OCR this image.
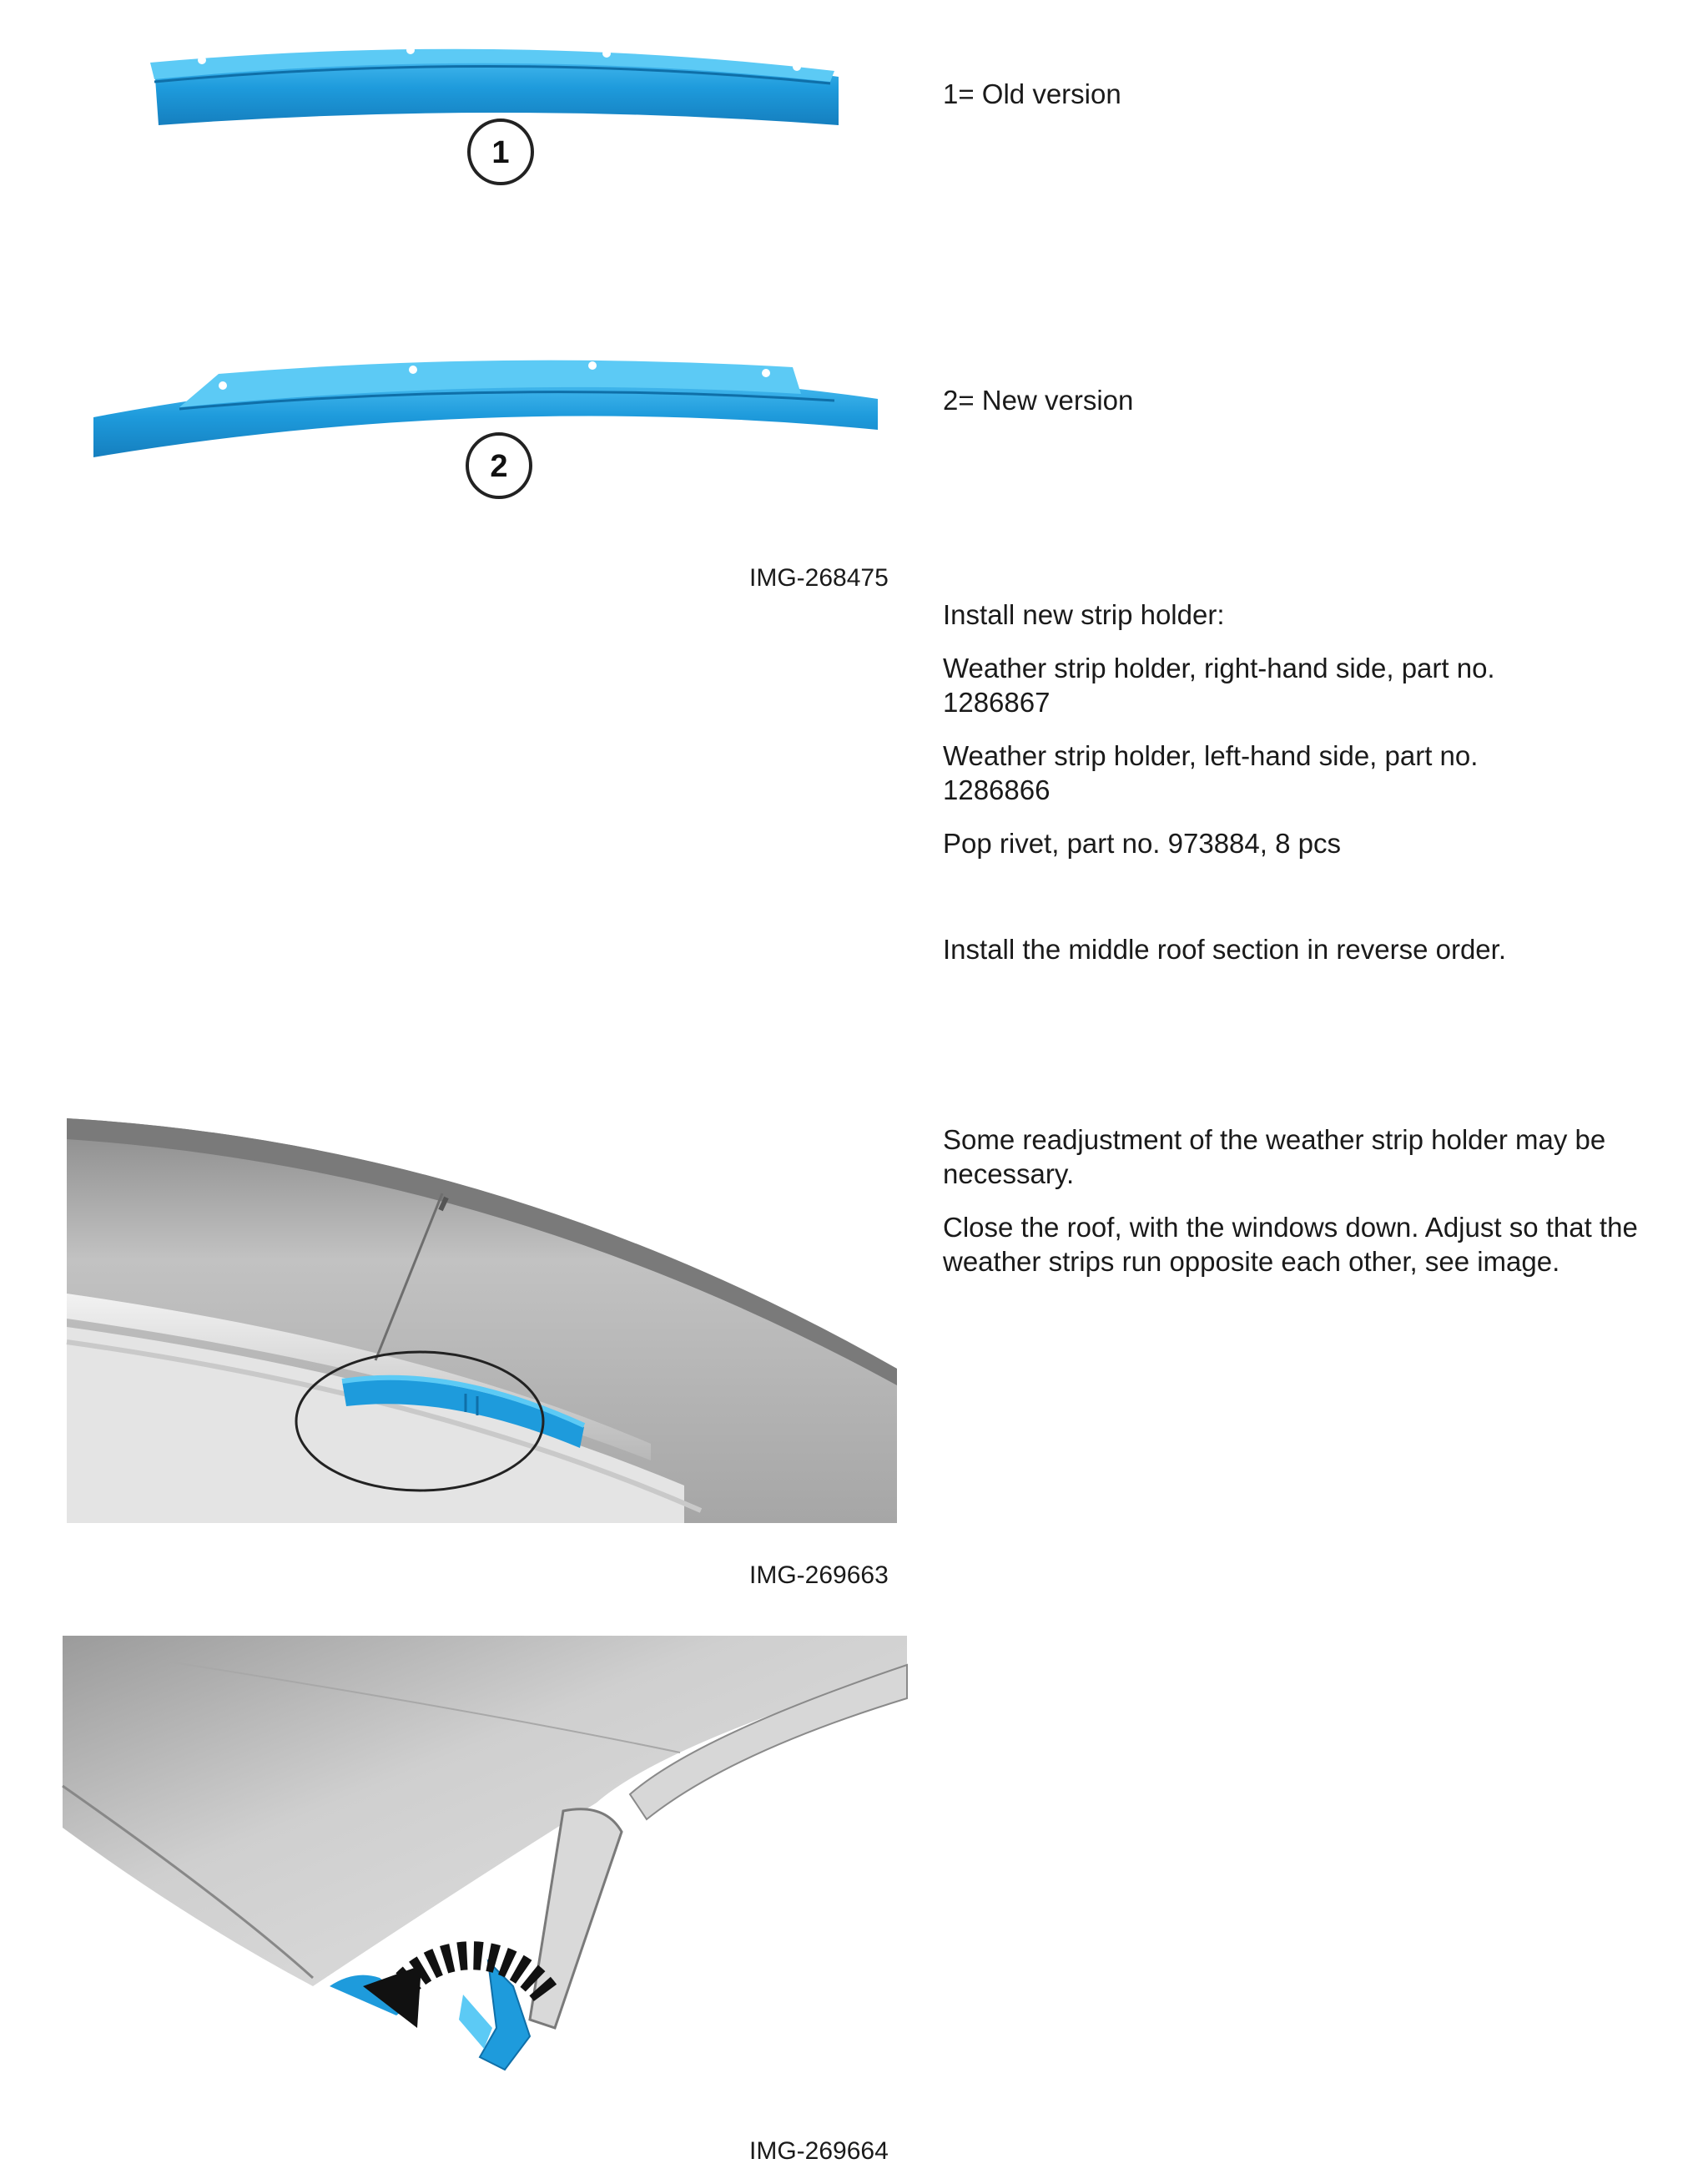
1
2
IMG-268475
1= Old version
2= New version
Install new strip holder:
Weather strip holder, right-hand side, part no. 1286867
Weather strip holder, left-hand side, part no. 1286866
Pop rivet, part no. 973884, 8 pcs
Install the middle roof section in reverse order.
IMG-269663
Some readjustment of the weather strip holder may be necessary.
Close the roof, with the windows down. Adjust so that the weather strips run opposite each other, see image.
IMG-269664
